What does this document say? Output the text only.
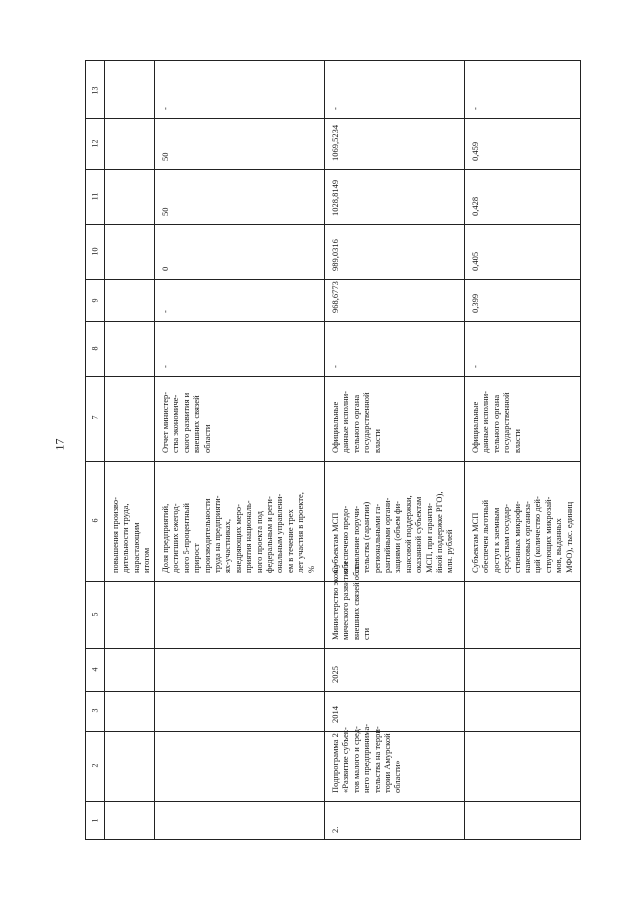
17
13
12
11
10
9
8
7
6
5
4
3
2
1
повышения произво-
дительности труда,
нарастающим
итогом Доля предприятий,
достигших ежегод-
ного 5-процентный
прирост
производительности
труда на предприяти-
ях-участниках,
внедряющих меро-
приятия националь-
ного проекта под
федеральным и реги-
ональным управлени-
ем в течение трех
лет участия в проекте,
%
Отчет министер-
ства экономиче-
ского развития и
внешних связей
области
-
-
0
50
50
-
2.
Подпрограмма 2
«Развитие субъек-
тов малого и сред-
него предпринима-
тельства на терри-
тории Амурской
области»
2014
2025
Министерство эконо-
мического развития и
внешних связей обла-
сти
Субъектам МСП
обеспечено предо-
ставление поручи-
тельства (гарантии)
региональными га-
рантийными органи-
зациями (объем фи-
нансовой поддержки,
оказанной субъектам
МСП, при гаранти-
йной поддержке РГО),
млн. рублей
Официальные
данные исполни-
тельного органа
государственной
власти
-
968,6773
989,0316
1028,8149
1069,5234
-
Субъектам МСП
обеспечен льготный
доступ к заемным
средствам государ-
ственных микрофи-
нансовых организа-
ций (количество дей-
ствующих микрозай-
мов, выданных
МФО), тыс. единиц
Официальные
данные исполни-
тельного органа
государственной
власти
-
0,399
0,405
0,428
0,459
-
